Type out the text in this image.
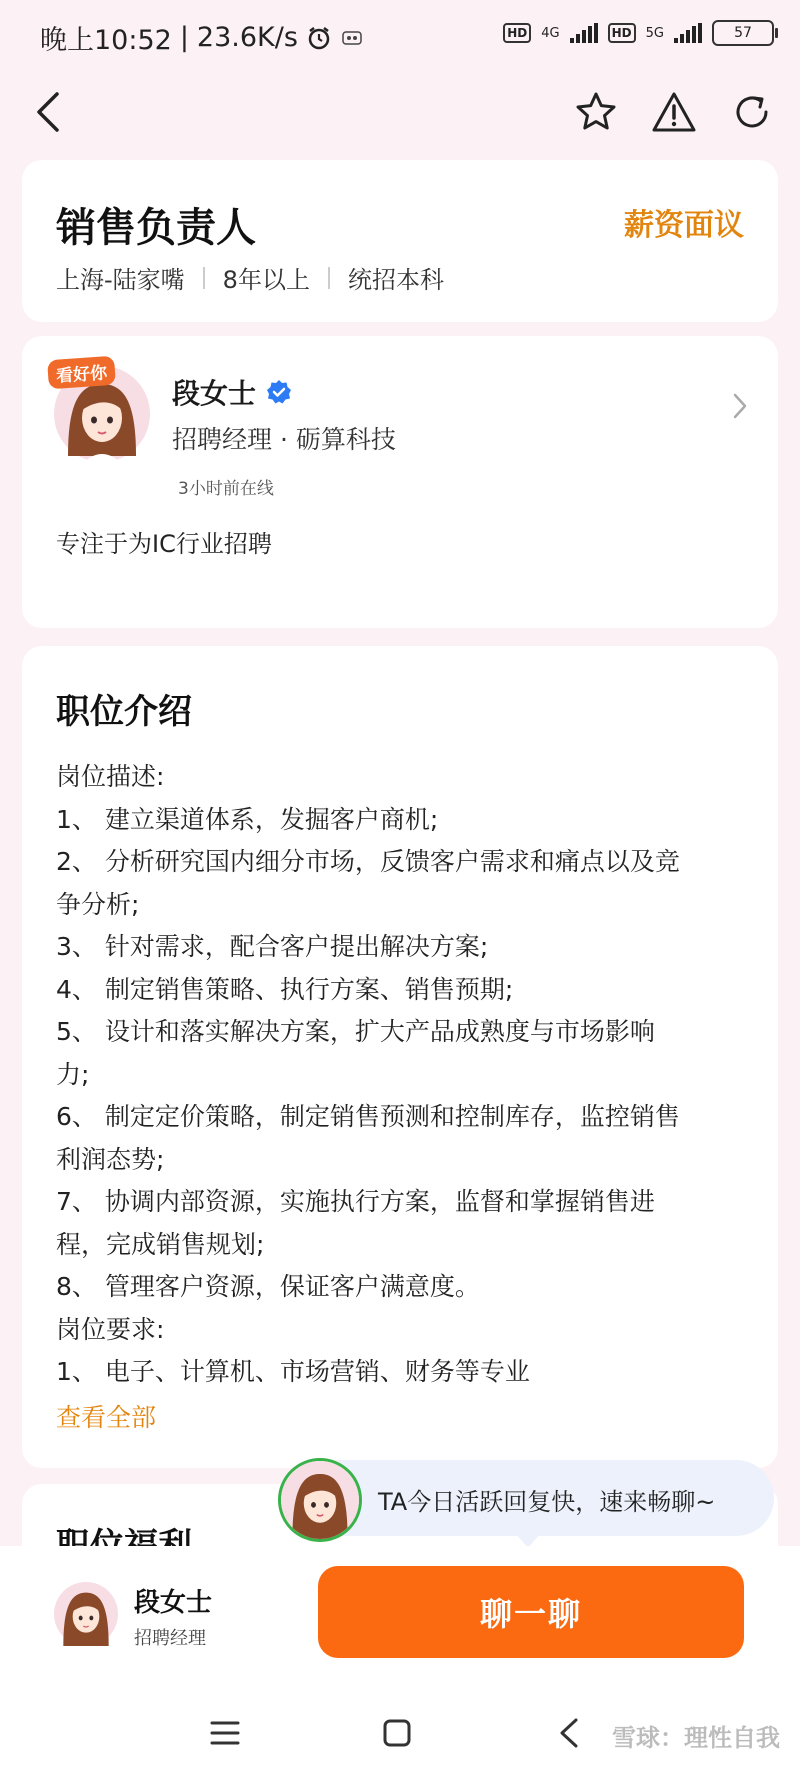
晚上10:52 | 23.6K/s	HD	4G	HD	5G	57
销售负责人	薪资面议
上海-陆家嘴 8年以上 统招本科
看好你
段女士
招聘经理 · 砺算科技
3小时前在线
专注于为IC行业招聘
职位介绍
岗位描述:
1、 建立渠道体系，发掘客户商机;
2、 分析研究国内细分市场，反馈客户需求和痛点以及竞
争分析;
3、 针对需求，配合客户提出解决方案;
4、 制定销售策略、执行方案、销售预期;
5、 设计和落实解决方案，扩大产品成熟度与市场影响
力;
6、 制定定价策略，制定销售预测和控制库存，监控销售
利润态势;
7、 协调内部资源，实施执行方案，监督和掌握销售进
程，完成销售规划;
8、 管理客户资源，保证客户满意度。
岗位要求:
1、 电子、计算机、市场营销、财务等专业
查看全部
TA今日活跃回复快，速来畅聊~
段女士
招聘经理
聊一聊
雪球：理性自我
